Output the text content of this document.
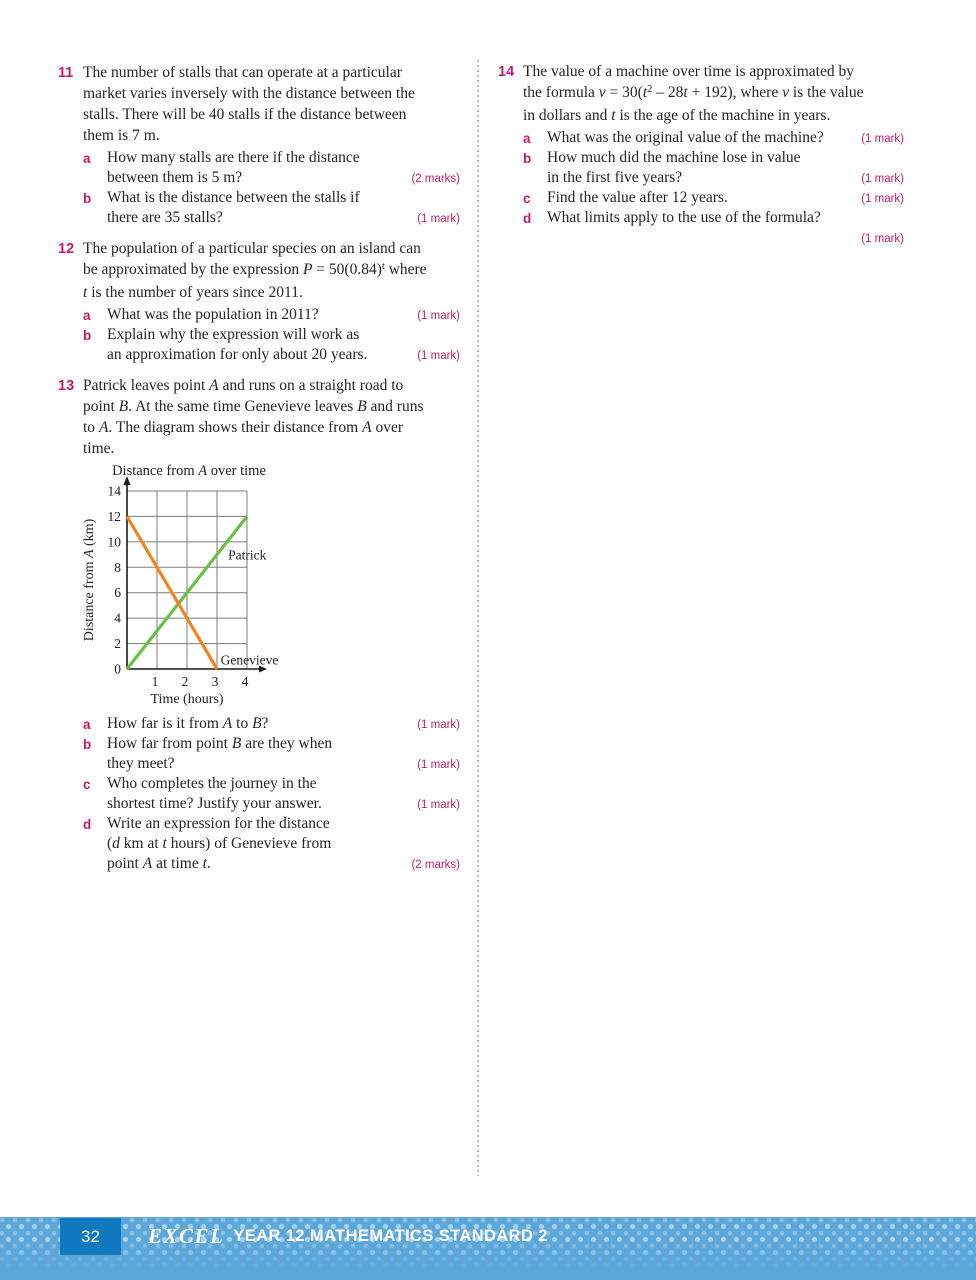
11 The number of stalls that can operate at a particular
market varies inversely with the distance between the
stalls. There will be 40 stalls if the distance between
them is 7 m.
a	How many stalls are there if the distance
between them is 5 m?	(2 marks)
b	What is the distance between the stalls if
there are 35 stalls?	(1 mark)
12 The population of a particular species on an island can
be approximated by the expression $P = 50(0.84)^t$ where
t is the number of years since 2011.
a	What was the population in 2011?	(1 mark)
b	Explain why the expression will work as
an approximation for only about 20 years.	(1 mark)
13 Patrick leaves point A and runs on a straight road to
point B. At the same time Genevieve leaves B and runs
to A. The diagram shows their distance from A over
time.
14
12
10
8
6
4
2
0
1 2 3 4
Patrick
Genevieve
Distance from A over time
Distance from A (km)
Time (hours)
a	How far is it from A to B?	(1 mark)
b	How far from point B are they when
they meet?	(1 mark)
c	Who completes the journey in the
shortest time? Justify your answer.	(1 mark)
d	Write an expression for the distance
(d km at t hours) of Genevieve from
point A at time t.	(2 marks)
14 The value of a machine over time is approximated by
the formula $v = 30(t^2 - 28t + 192)$, where v is the value
in dollars and t is the age of the machine in years.
a	What was the original value of the machine?	(1 mark)
b	How much did the machine lose in value
in the first five years?	(1 mark)
c	Find the value after 12 years.	(1 mark)
d	What limits apply to the use of the formula?
(1 mark)
32 EXCEL YEAR 12 MATHEMATICS STANDARD 2
